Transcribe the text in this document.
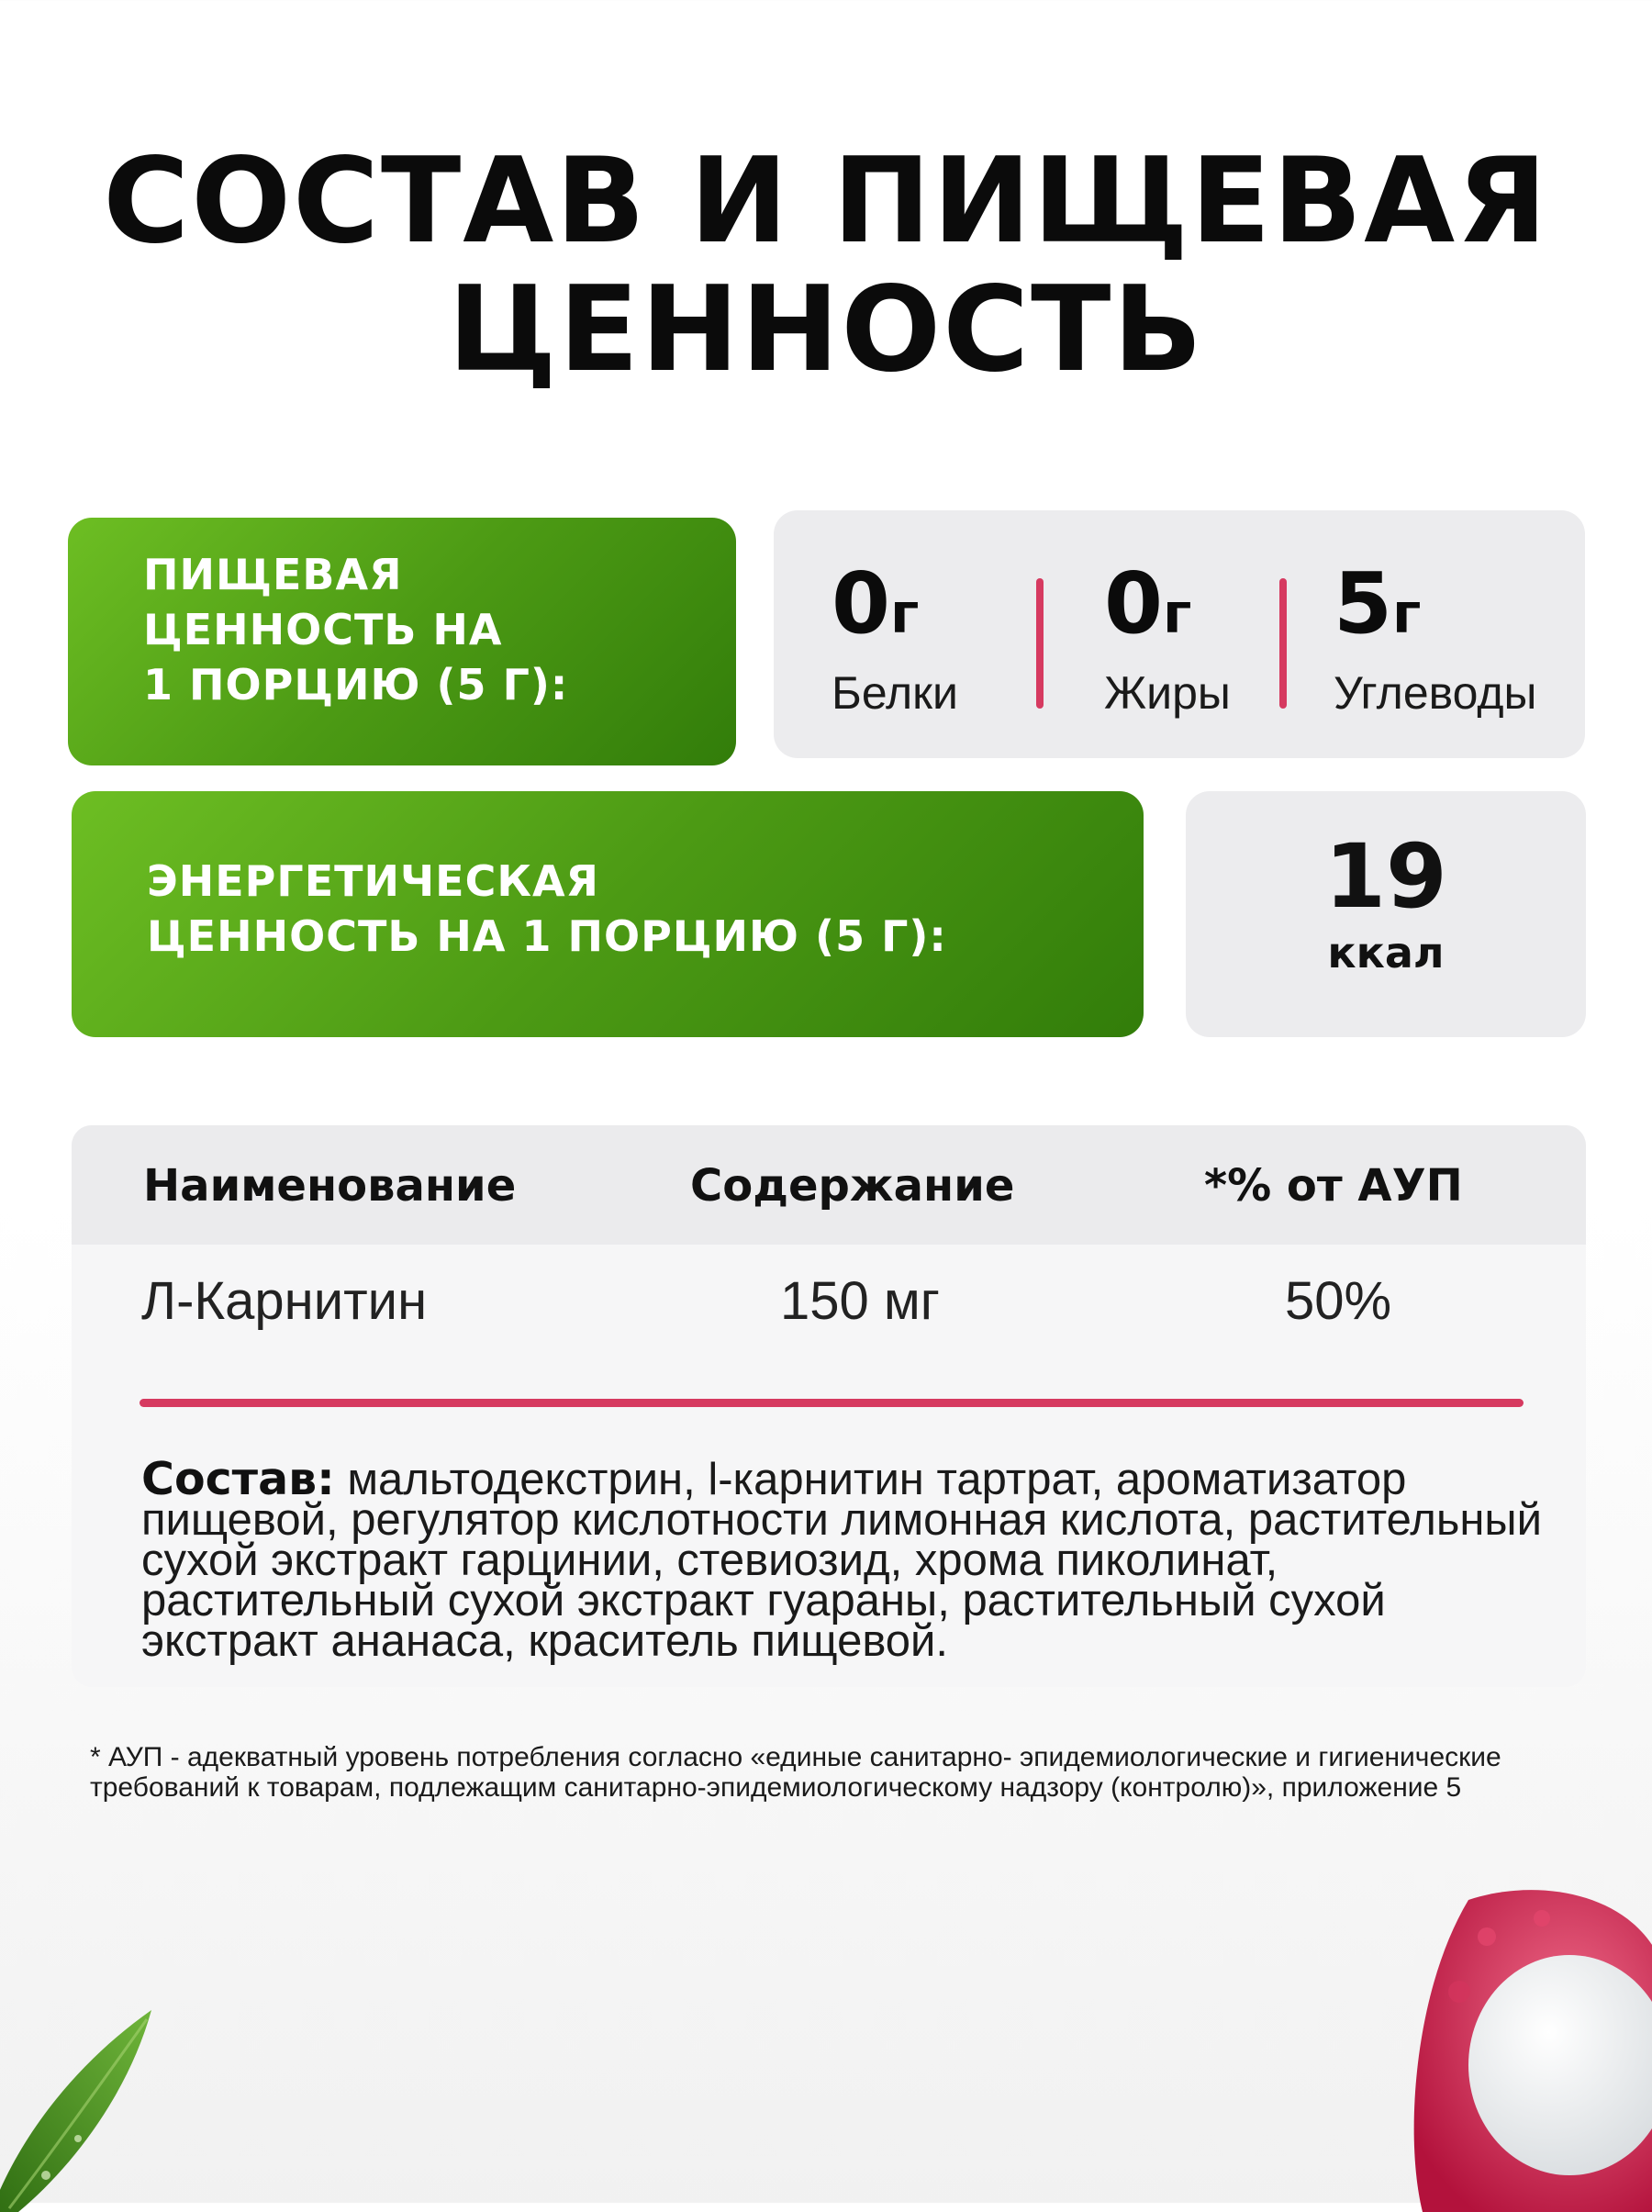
СОСТАВ И ПИЩЕВАЯ
ЦЕННОСТЬ
ПИЩЕВАЯ
ЦЕННОСТЬ НА
1 ПОРЦИЮ (5 Г):
0г
Белки
0г
Жиры
5г
Углеводы
ЭНЕРГЕТИЧЕСКАЯ
ЦЕННОСТЬ НА 1 ПОРЦИЮ (5 Г):
19
ккал
Наименование	Содержание	*% от АУП
Л-Карнитин	150 мг	50%
Состав: мальтодекстрин, l-карнитин тартрат, ароматизатор пищевой, регулятор кислотности лимонная кислота, растительный сухой экстракт гарцинии, стевиозид, хрома пиколинат, растительный сухой экстракт гуараны, растительный сухой экстракт ананаса, краситель пищевой.
* АУП - адекватный уровень потребления согласно «единые санитарно- эпидемиологические и гигиенические требований к товарам, подлежащим санитарно-эпидемиологическому надзору (контролю)», приложение 5
